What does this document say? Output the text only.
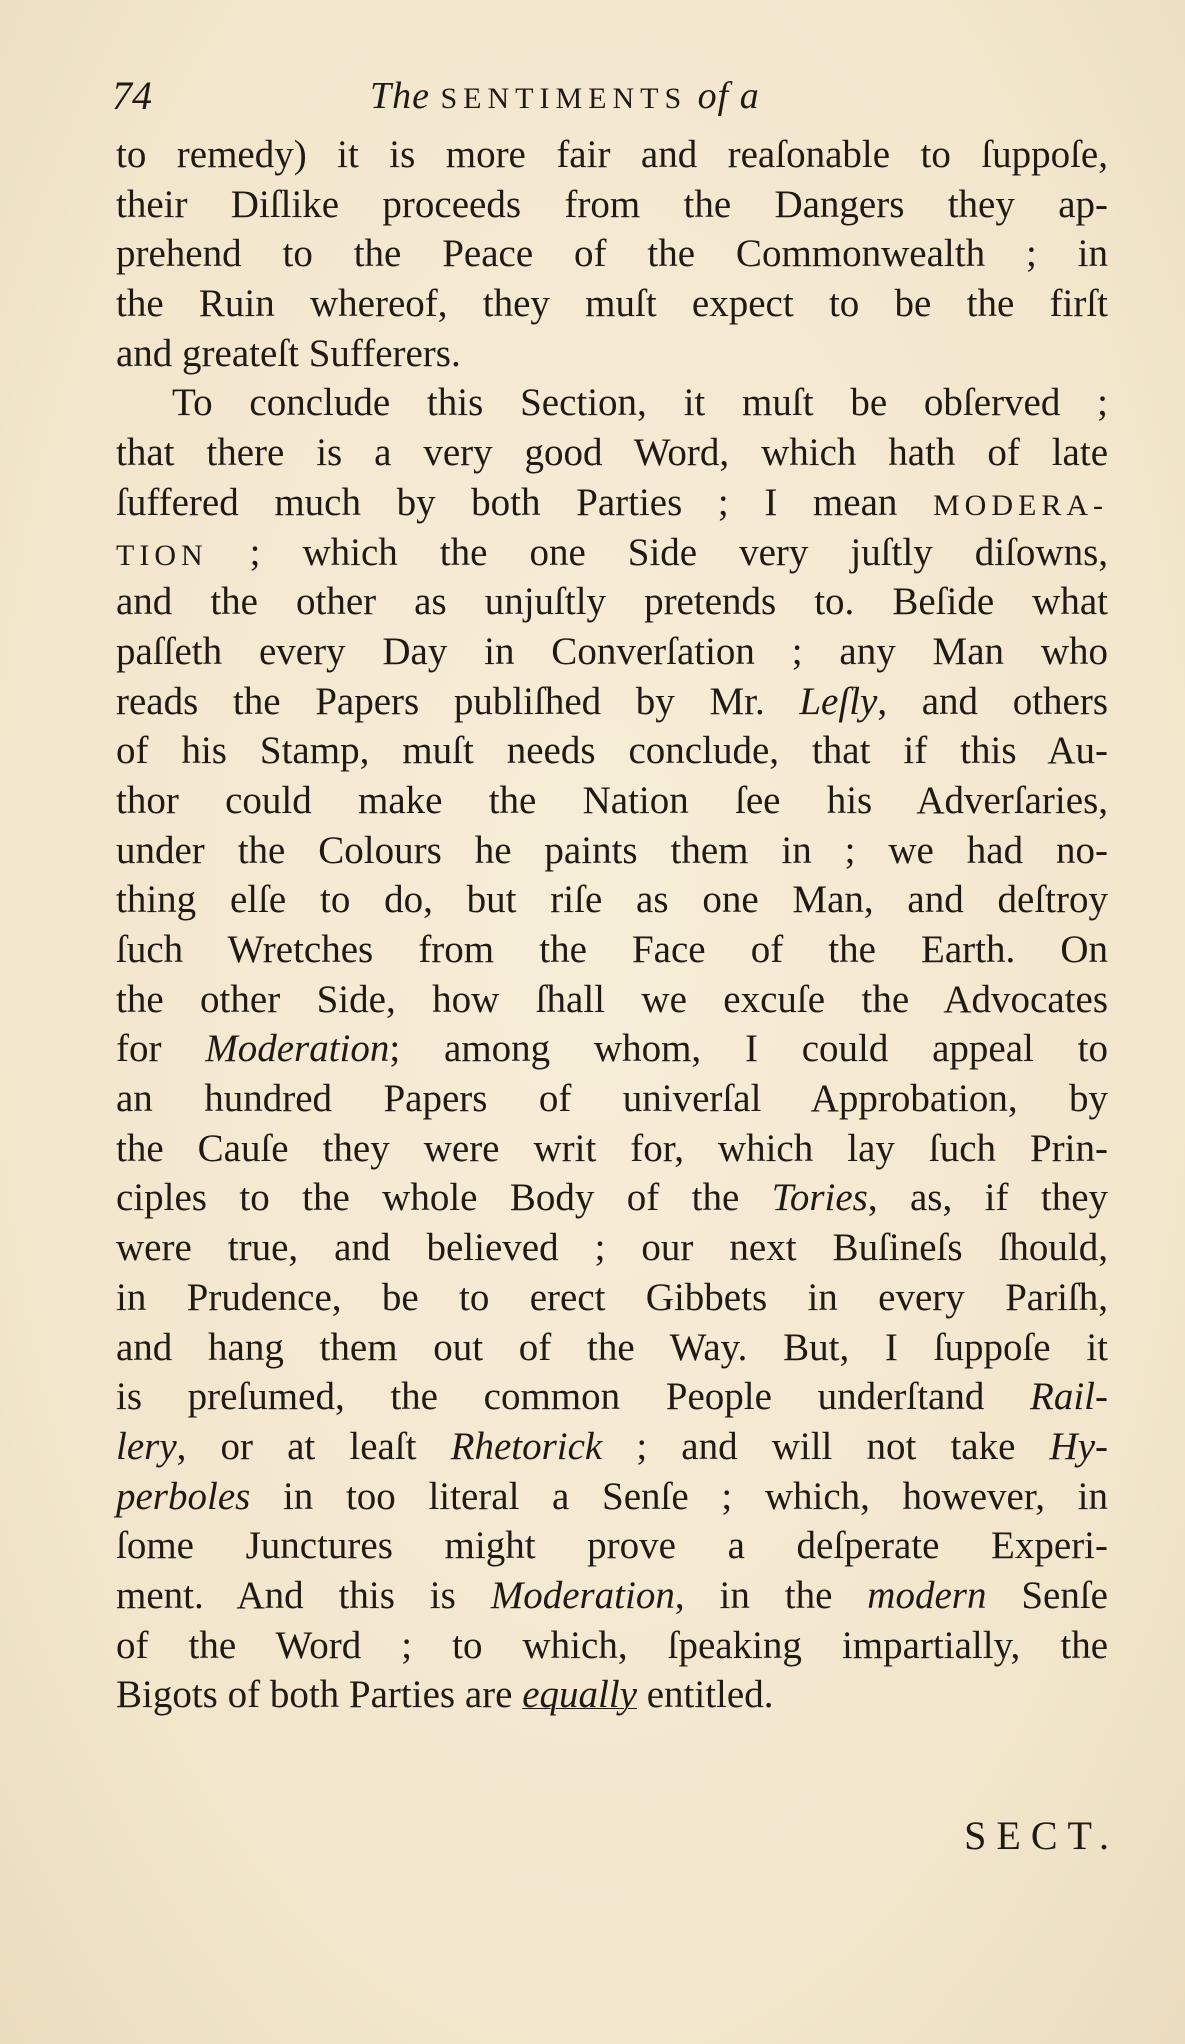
74	The SENTIMENTS of a
to remedy) it is more fair and reaſonable to ſuppoſe,
their Diſlike proceeds from the Dangers they ap-
prehend to the Peace of the Commonwealth ; in
the Ruin whereof, they muſt expect to be the firſt
and greateſt Sufferers.
To conclude this Section, it muſt be obſerved ;
that there is a very good Word, which hath of late
ſuffered much by both Parties ; I mean MODERA-
TION ; which the one Side very juſtly diſowns,
and the other as unjuſtly pretends to. Beſide what
paſſeth every Day in Converſation ; any Man who
reads the Papers publiſhed by Mr. Leſly, and others
of his Stamp, muſt needs conclude, that if this Au-
thor could make the Nation ſee his Adverſaries,
under the Colours he paints them in ; we had no-
thing elſe to do, but riſe as one Man, and deſtroy
ſuch Wretches from the Face of the Earth. On
the other Side, how ſhall we excuſe the Advocates
for Moderation; among whom, I could appeal to
an hundred Papers of univerſal Approbation, by
the Cauſe they were writ for, which lay ſuch Prin-
ciples to the whole Body of the Tories, as, if they
were true, and believed ; our next Buſineſs ſhould,
in Prudence, be to erect Gibbets in every Pariſh,
and hang them out of the Way. But, I ſuppoſe it
is preſumed, the common People underſtand Rail-
lery, or at leaſt Rhetorick ; and will not take Hy-
perboles in too literal a Senſe ; which, however, in
ſome Junctures might prove a deſperate Experi-
ment. And this is Moderation, in the modern Senſe
of the Word ; to which, ſpeaking impartially, the
Bigots of both Parties are equally entitled.
SECT.
